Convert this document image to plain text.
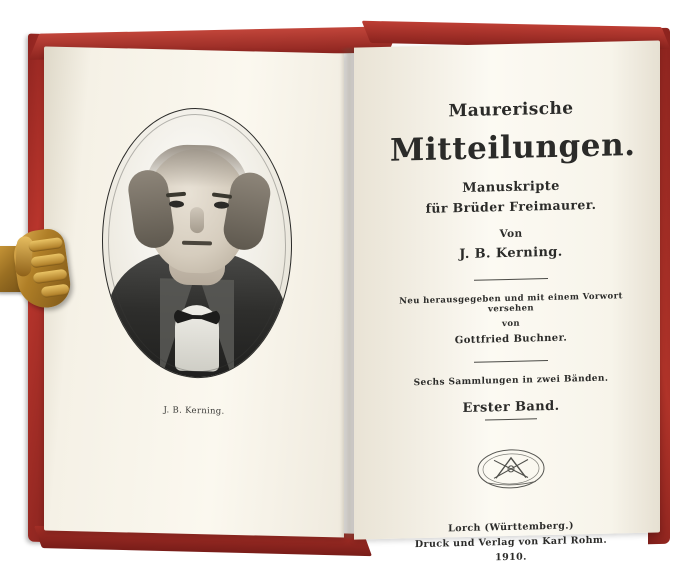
J. B. Kerning.

Maurerische

Mitteilungen.

Manuskripte

für Brüder Freimaurer.

Von

J. B. Kerning.

Neu herausgegeben und mit einem Vorwort versehen

von

Gottfried Buchner.

Sechs Sammlungen in zwei Bänden.

Erster Band.

Lorch (Württemberg.)

Druck und Verlag von Karl Rohm.

1910.
